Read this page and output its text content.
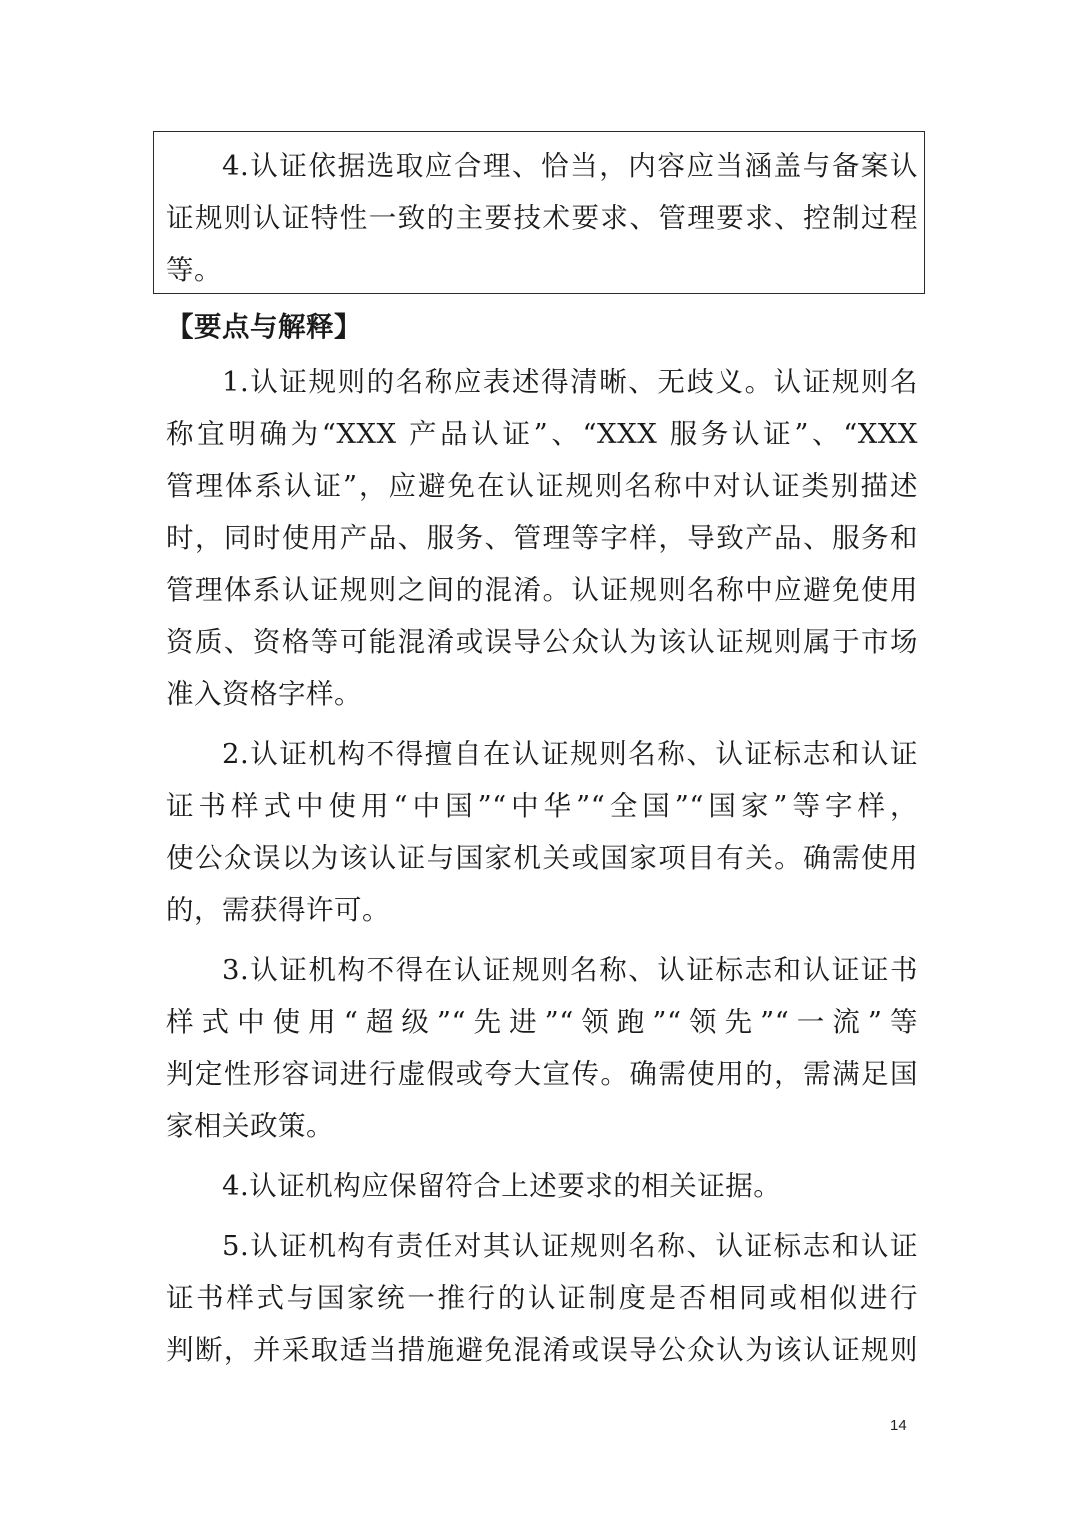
4.认证依据选取应合理、恰当，内容应当涵盖与备案认
证规则认证特性一致的主要技术要求、管理要求、控制过程
等。
【要点与解释】
1.认证规则的名称应表述得清晰、无歧义。认证规则名
称宜明确为“XXX 产品认证”、“XXX 服务认证”、“XXX
管理体系认证”，应避免在认证规则名称中对认证类别描述
时，同时使用产品、服务、管理等字样，导致产品、服务和
管理体系认证规则之间的混淆。认证规则名称中应避免使用
资质、资格等可能混淆或误导公众认为该认证规则属于市场
准入资格字样。
2.认证机构不得擅自在认证规则名称、认证标志和认证
证书样式中使用“中国”“中华”“全国”“国家”等字样，
使公众误以为该认证与国家机关或国家项目有关。确需使用
的，需获得许可。
3.认证机构不得在认证规则名称、认证标志和认证证书
样式中使用“超级”“先进”“领跑”“领先”“一流”等
判定性形容词进行虚假或夸大宣传。确需使用的，需满足国
家相关政策。
4.认证机构应保留符合上述要求的相关证据。
5.认证机构有责任对其认证规则名称、认证标志和认证
证书样式与国家统一推行的认证制度是否相同或相似进行
判断，并采取适当措施避免混淆或误导公众认为该认证规则
14
